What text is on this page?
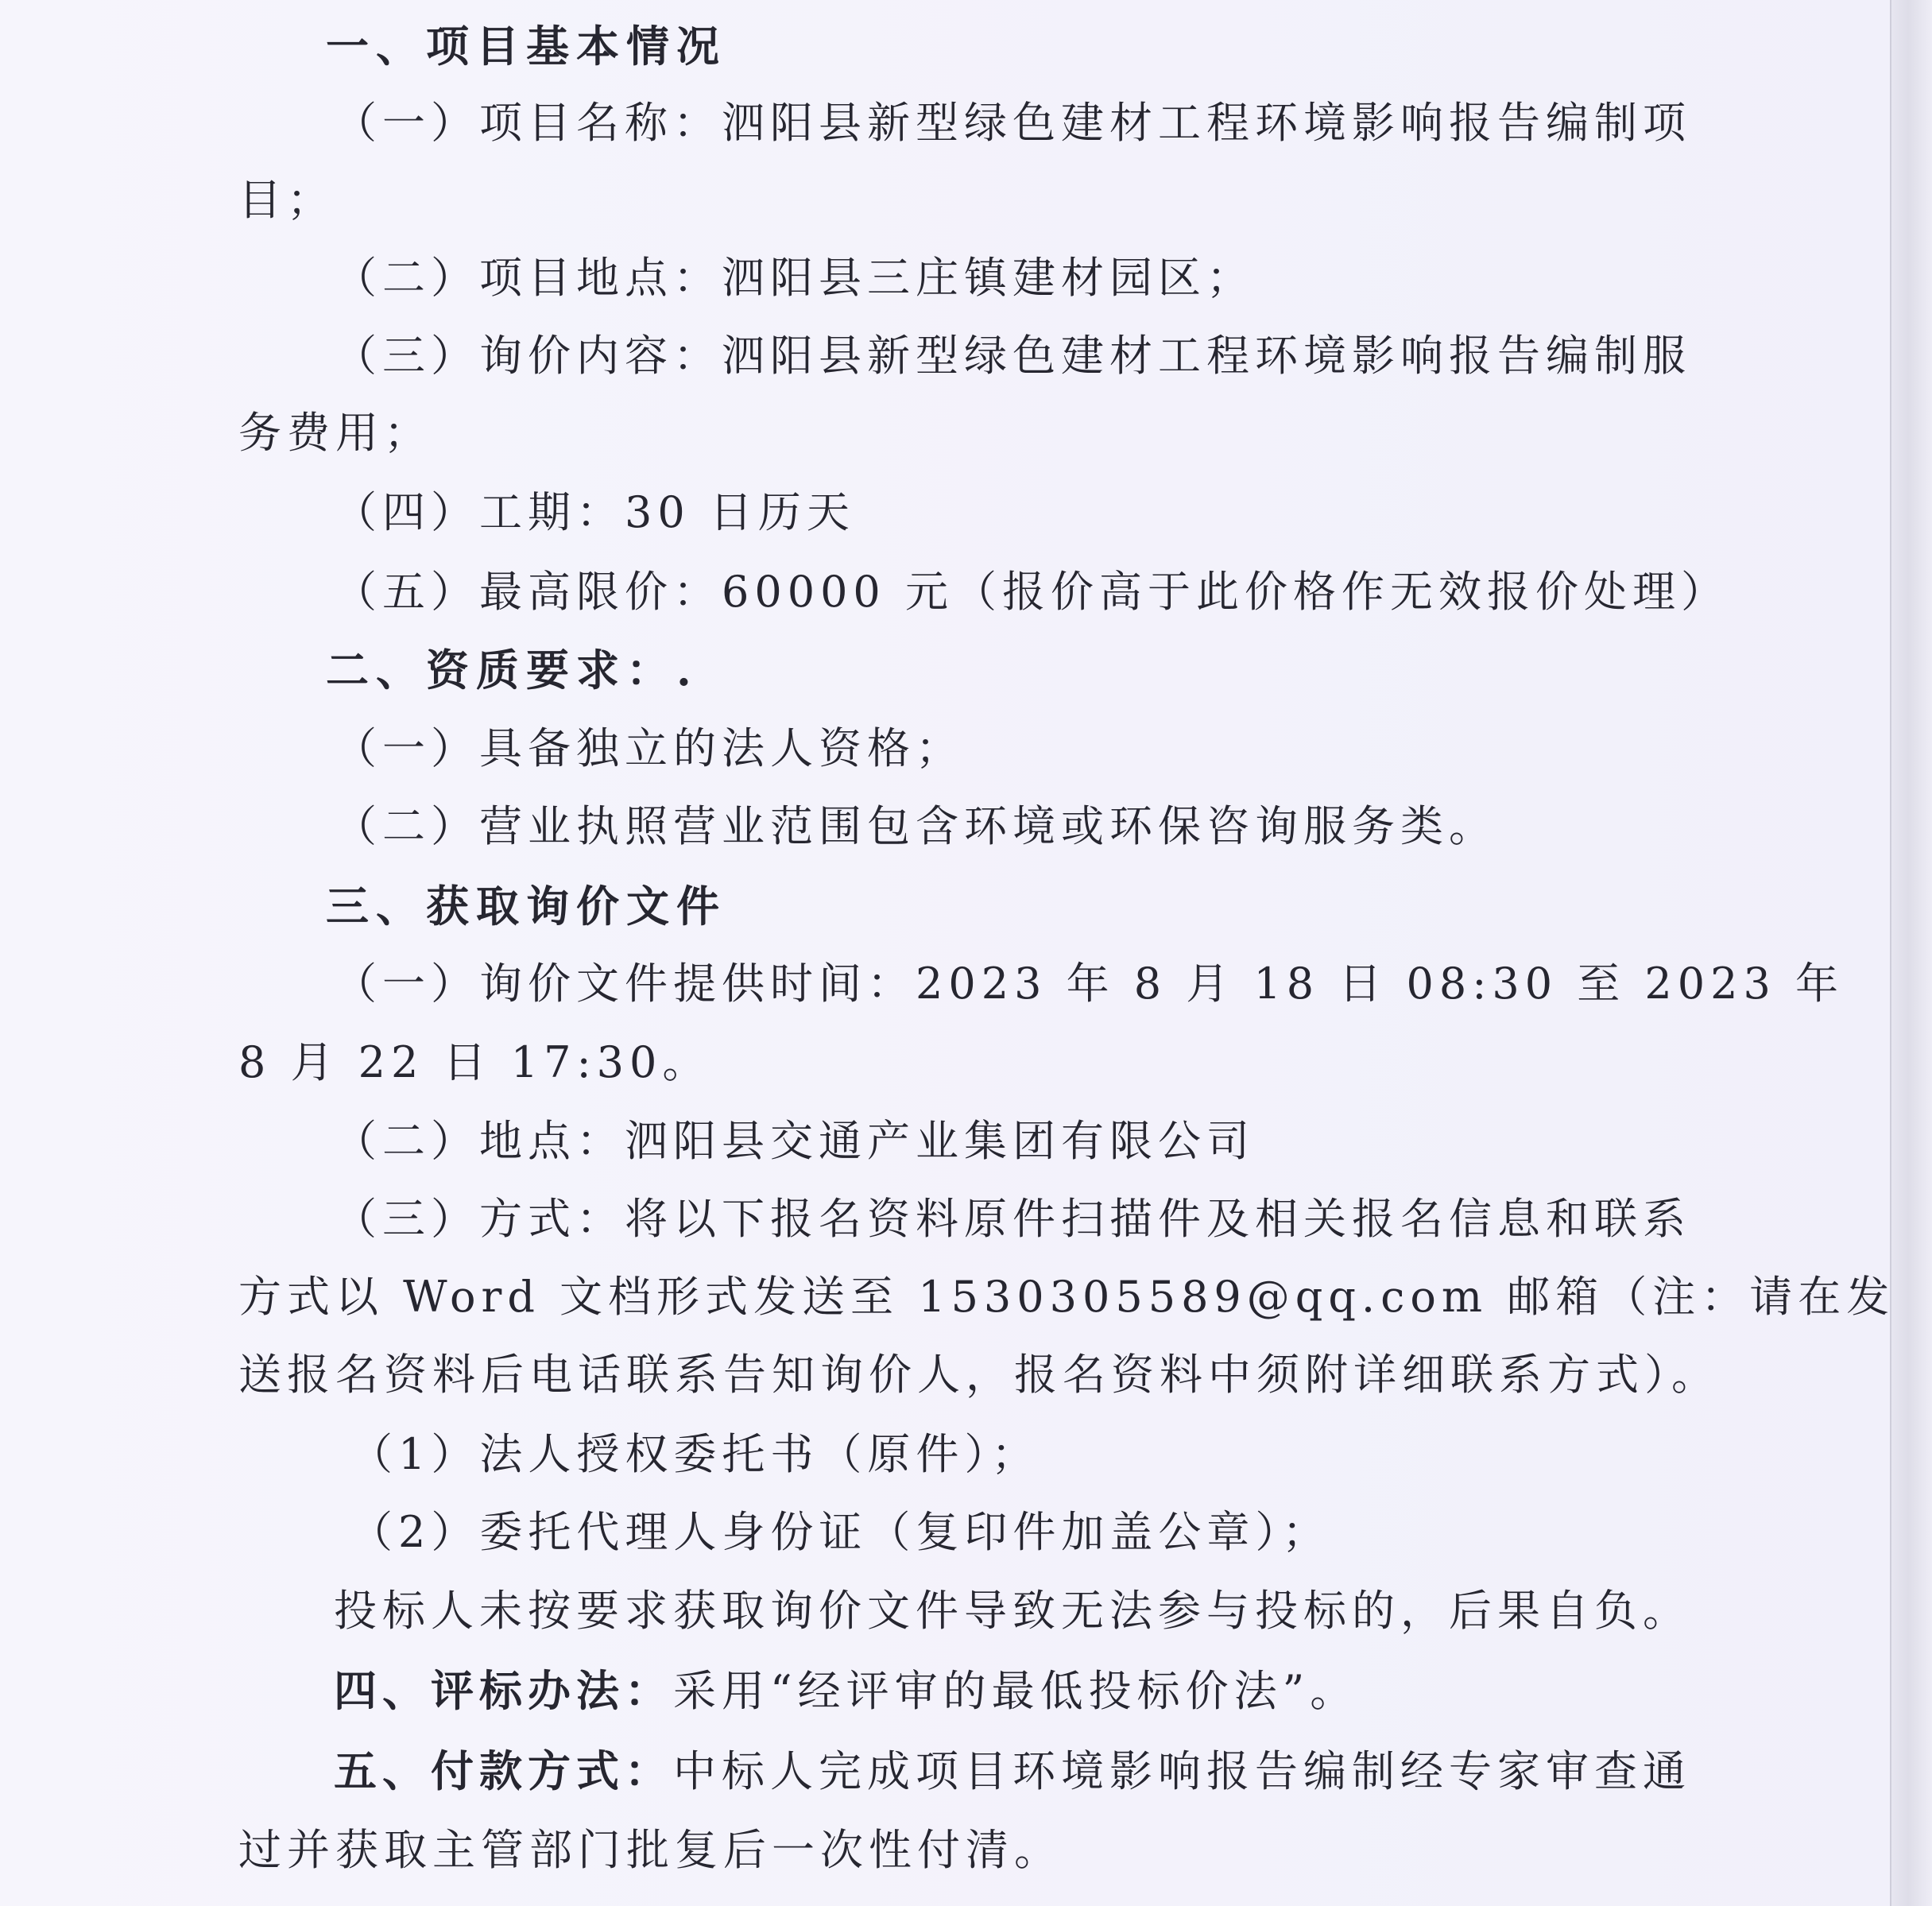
一、项目基本情况
（一）项目名称：泗阳县新型绿色建材工程环境影响报告编制项
目；
（二）项目地点：泗阳县三庄镇建材园区；
（三）询价内容：泗阳县新型绿色建材工程环境影响报告编制服
务费用；
（四）工期：30 日历天
（五）最高限价：60000 元（报价高于此价格作无效报价处理）
二、资质要求：.
（一）具备独立的法人资格；
（二）营业执照营业范围包含环境或环保咨询服务类。
三、获取询价文件
（一）询价文件提供时间：2023 年 8 月 18 日 08:30 至 2023 年
8 月 22 日 17:30。
（二）地点：泗阳县交通产业集团有限公司
（三）方式：将以下报名资料原件扫描件及相关报名信息和联系
方式以 Word 文档形式发送至 1530305589@qq.com 邮箱（注：请在发
送报名资料后电话联系告知询价人，报名资料中须附详细联系方式）。
（1）法人授权委托书（原件）；
（2）委托代理人身份证（复印件加盖公章）；
投标人未按要求获取询价文件导致无法参与投标的，后果自负。
四、评标办法：采用“经评审的最低投标价法”。
五、付款方式：中标人完成项目环境影响报告编制经专家审查通
过并获取主管部门批复后一次性付清。
